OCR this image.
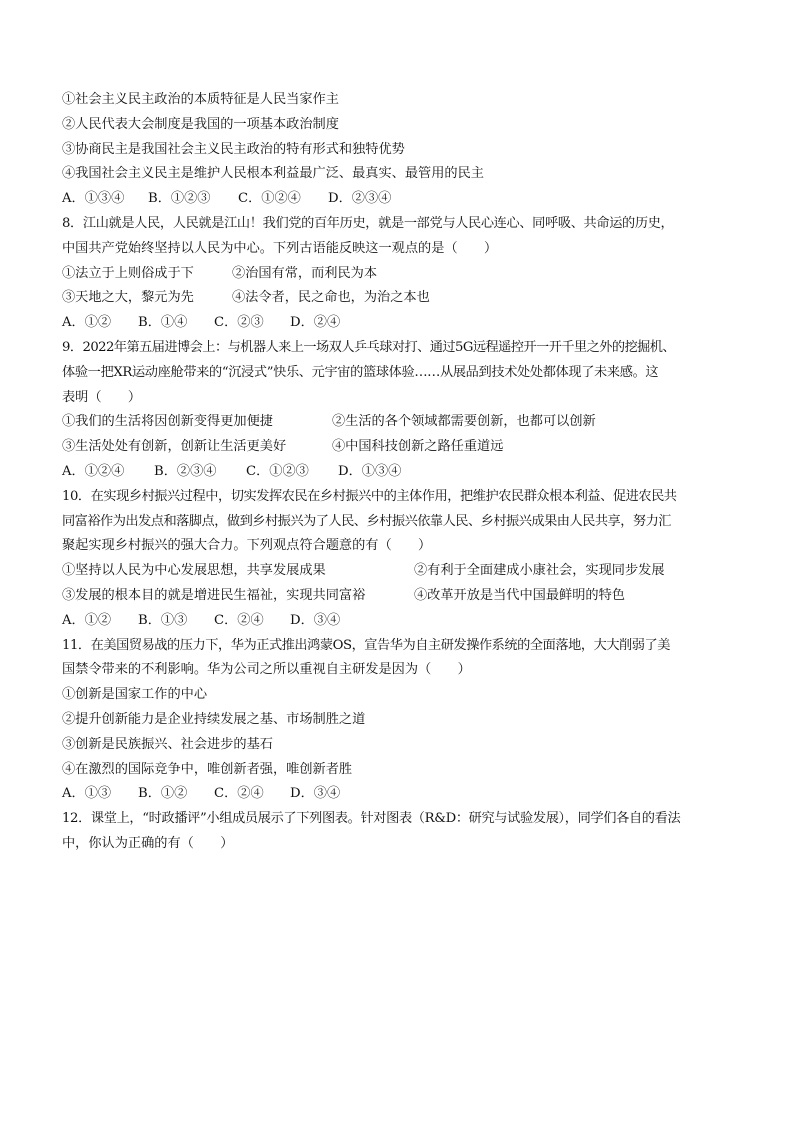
①社会主义民主政治的本质特征是人民当家作主
②人民代表大会制度是我国的一项基本政治制度
③协商民主是我国社会主义民主政治的特有形式和独特优势
④我国社会主义民主是维护人民根本利益最广泛、最真实、最管用的民主
A．①③④ B．①②③ C．①②④ D．②③④
8．江山就是人民，人民就是江山！我们党的百年历史，就是一部党与人民心连心、同呼吸、共命运的历史，
中国共产党始终坚持以人民为中心。下列古语能反映这一观点的是（　　）
①法立于上则俗成于下	②治国有常，而利民为本
③天地之大，黎元为先	④法令者，民之命也，为治之本也
A．①② B．①④ C．②③ D．②④
9．2022年第五届进博会上：与机器人来上一场双人乒乓球对打、通过5G远程遥控开一开千里之外的挖掘机、
体验一把XR运动座舱带来的“沉浸式”快乐、元宇宙的篮球体验……从展品到技术处处都体现了未来感。这
表明（　　）
①我们的生活将因创新变得更加便捷	②生活的各个领域都需要创新，也都可以创新
③生活处处有创新，创新让生活更美好	④中国科技创新之路任重道远
A．①②④ B．②③④ C．①②③ D．①③④
10．在实现乡村振兴过程中，切实发挥农民在乡村振兴中的主体作用，把维护农民群众根本利益、促进农民共
同富裕作为出发点和落脚点，做到乡村振兴为了人民、乡村振兴依靠人民、乡村振兴成果由人民共享，努力汇
聚起实现乡村振兴的强大合力。下列观点符合题意的有（　　）
①坚持以人民为中心发展思想，共享发展成果	②有利于全面建成小康社会，实现同步发展
③发展的根本目的就是增进民生福祉，实现共同富裕	④改革开放是当代中国最鲜明的特色
A．①② B．①③ C．②④ D．③④
11．在美国贸易战的压力下，华为正式推出鸿蒙OS，宣告华为自主研发操作系统的全面落地，大大削弱了美
国禁令带来的不利影响。华为公司之所以重视自主研发是因为（　　）
①创新是国家工作的中心
②提升创新能力是企业持续发展之基、市场制胜之道
③创新是民族振兴、社会进步的基石
④在激烈的国际竞争中，唯创新者强，唯创新者胜
A．①③ B．①② C．②④ D．③④
12．课堂上，“时政播评”小组成员展示了下列图表。针对图表（R&D：研究与试验发展），同学们各自的看法
中，你认为正确的有（　　）
